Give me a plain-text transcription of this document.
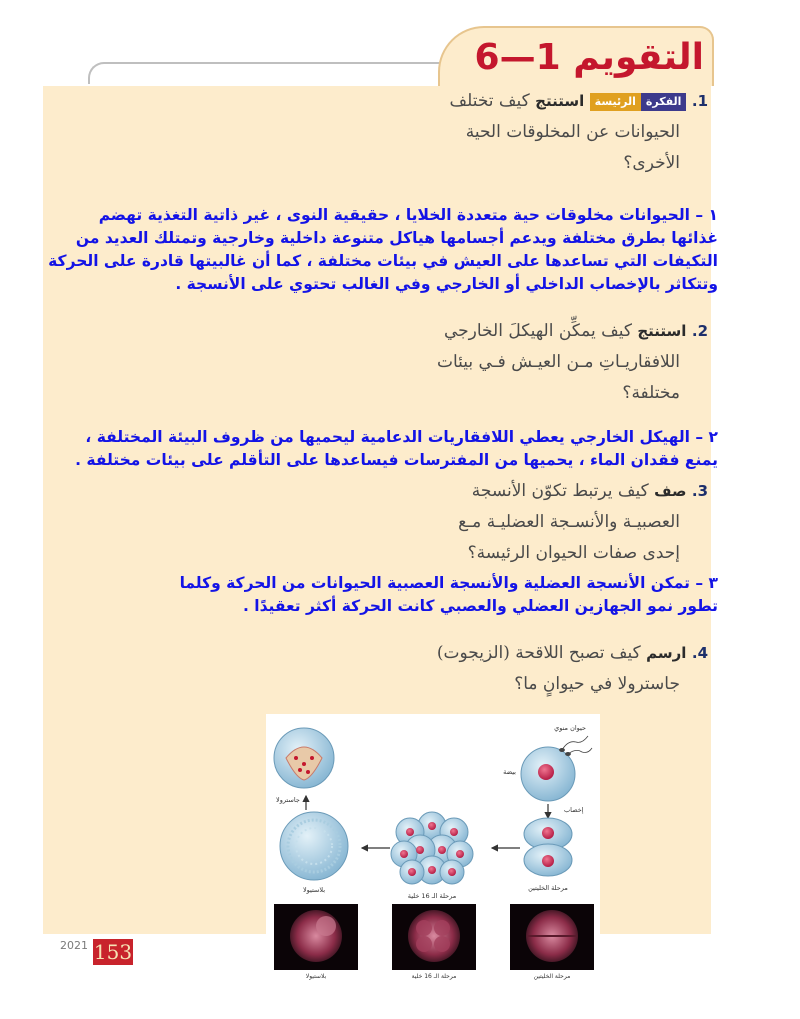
التقويم 1—6
1. الفكرةالرئيسة استنتج كيف تختلف
الحيوانات عن المخلوقات الحية
الأخرى؟
١ – الحيوانات مخلوقات حية متعددة الخلايا ، حقيقية النوى ، غير ذاتية التغذية تهضم
غذائها بطرق مختلفة ويدعم أجسامها هياكل متنوعة داخلية وخارجية وتمتلك العديد من
التكيفات التي تساعدها على العيش في بيئات مختلفة ، كما أن غالبيتها قادرة على الحركة
وتتكاثر بالإخصاب الداخلي أو الخارجي وفي الغالب تحتوي على الأنسجة .
2. استنتج كيف يمكِّن الهيكلَ الخارجي
اللافقاريـاتِ مـن العيـش فـي بيئات
مختلفة؟
٢ – الهيكل الخارجي يعطي اللافقاريات الدعامية ليحميها من ظروف البيئة المختلفة ،
يمنع فقدان الماء ، يحميها من المفترسات فيساعدها على التأقلم على بيئات مختلفة .
3. صف كيف يرتبط تكوّن الأنسجة
العصبيـة والأنسـجة العضليـة مـع
إحدى صفات الحيوان الرئيسة؟
٣ – تمكن الأنسجة العضلية والأنسجة العصبية الحيوانات من الحركة وكلما
تطور نمو الجهازين العضلي والعصبي كانت الحركة أكثر تعقيدًا .
4. ارسم كيف تصبح اللاقحة (الزيجوت)
جاسترولا في حيوانٍ ما؟
حيوان منوي
بيضة
إخصاب
مرحلة الخليتين
مرحلة الـ 16 خلية
بلاستيولا
جاسترولا
بلاستيولا	مرحلة الـ 16 خلية	مرحلة الخليتين
2021 153
